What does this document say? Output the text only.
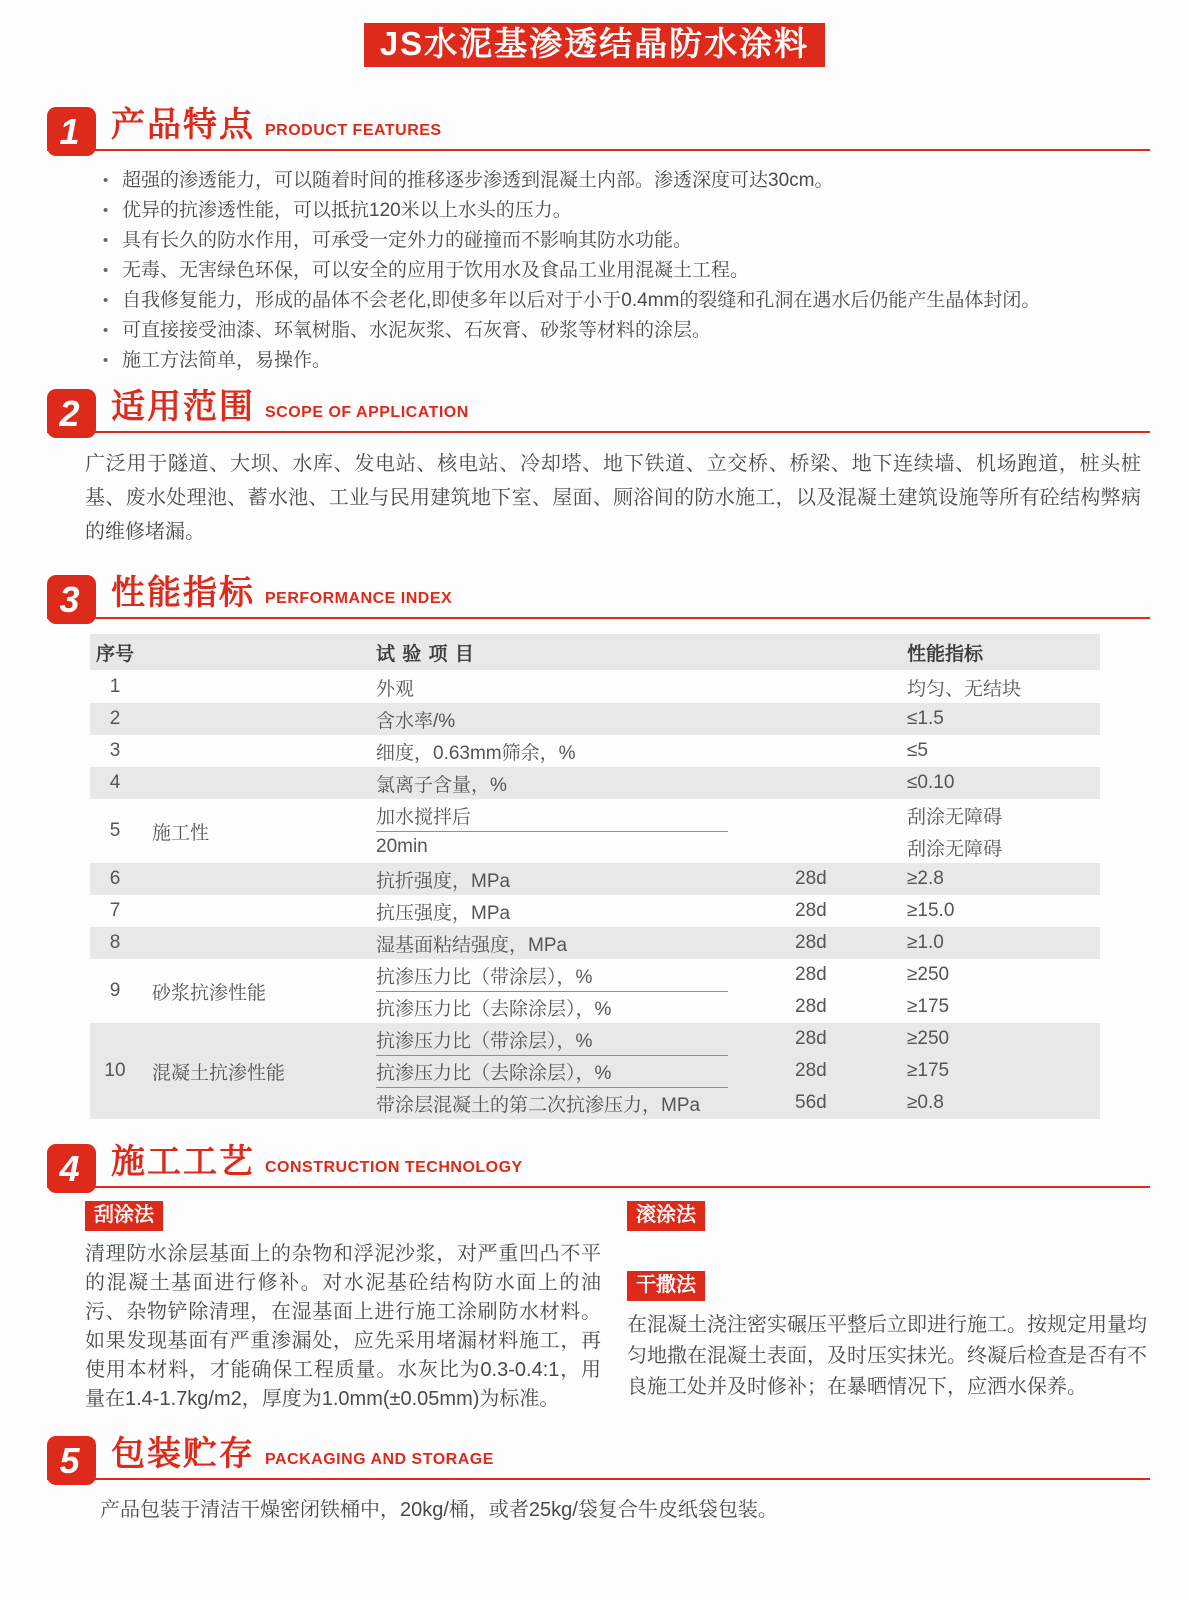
JS水泥基渗透结晶防水涂料
1 产品特点 PRODUCT FEATURES
• 超强的渗透能力，可以随着时间的推移逐步渗透到混凝土内部。渗透深度可达30cm。
• 优异的抗渗透性能，可以抵抗120米以上水头的压力。
• 具有长久的防水作用，可承受一定外力的碰撞而不影响其防水功能。
• 无毒、无害绿色环保，可以安全的应用于饮用水及食品工业用混凝土工程。
• 自我修复能力，形成的晶体不会老化,即使多年以后对于小于0.4mm的裂缝和孔洞在遇水后仍能产生晶体封闭。
• 可直接接受油漆、环氧树脂、水泥灰浆、石灰膏、砂浆等材料的涂层。
• 施工方法简单，易操作。
2 适用范围 SCOPE OF APPLICATION

广泛用于隧道、大坝、水库、发电站、核电站、冷却塔、地下铁道、立交桥、桥梁、地下连续墙、机场跑道，桩头桩基、废水处理池、蓄水池、工业与民用建筑地下室、屋面、厕浴间的防水施工，以及混凝土建筑设施等所有砼结构弊病的维修堵漏。

3 性能指标 PERFORMANCE INDEX
序号	试 验 项 目	性能指标
1	外观	均匀、无结块
2	含水率/%	≤1.5
3	细度，0.63mm筛余，%	≤5
4	氯离子含量，%	≤0.10
5	施工性
加水搅拌后	刮涂无障碍
20min	刮涂无障碍
6	抗折强度，MPa	28d	≥2.8
7	抗压强度，MPa	28d	≥15.0
8	湿基面粘结强度，MPa	28d	≥1.0
9	砂浆抗渗性能
抗渗压力比（带涂层），%	28d	≥250
抗渗压力比（去除涂层），%	28d	≥175
10	混凝土抗渗性能
抗渗压力比（带涂层），%	28d	≥250
抗渗压力比（去除涂层），%	28d	≥175
带涂层混凝土的第二次抗渗压力，MPa	56d	≥0.8
4 施工工艺 CONSTRUCTION TECHNOLOGY
刮涂法

清理防水涂层基面上的杂物和浮泥沙浆，对严重凹凸不平的混凝土基面进行修补。对水泥基砼结构防水面上的油污、杂物铲除清理，在湿基面上进行施工涂刷防水材料。如果发现基面有严重渗漏处，应先采用堵漏材料施工，再使用本材料，才能确保工程质量。水灰比为0.3-0.4:1，用量在1.4-1.7kg/m2，厚度为1.0mm(±0.05mm)为标准。

滚涂法
干撒法

在混凝土浇注密实碾压平整后立即进行施工。按规定用量均匀地撒在混凝土表面，及时压实抹光。终凝后检查是否有不良施工处并及时修补；在暴晒情况下，应洒水保养。

5 包装贮存 PACKAGING AND STORAGE

产品包装于清洁干燥密闭铁桶中，20kg/桶，或者25kg/袋复合牛皮纸袋包装。
